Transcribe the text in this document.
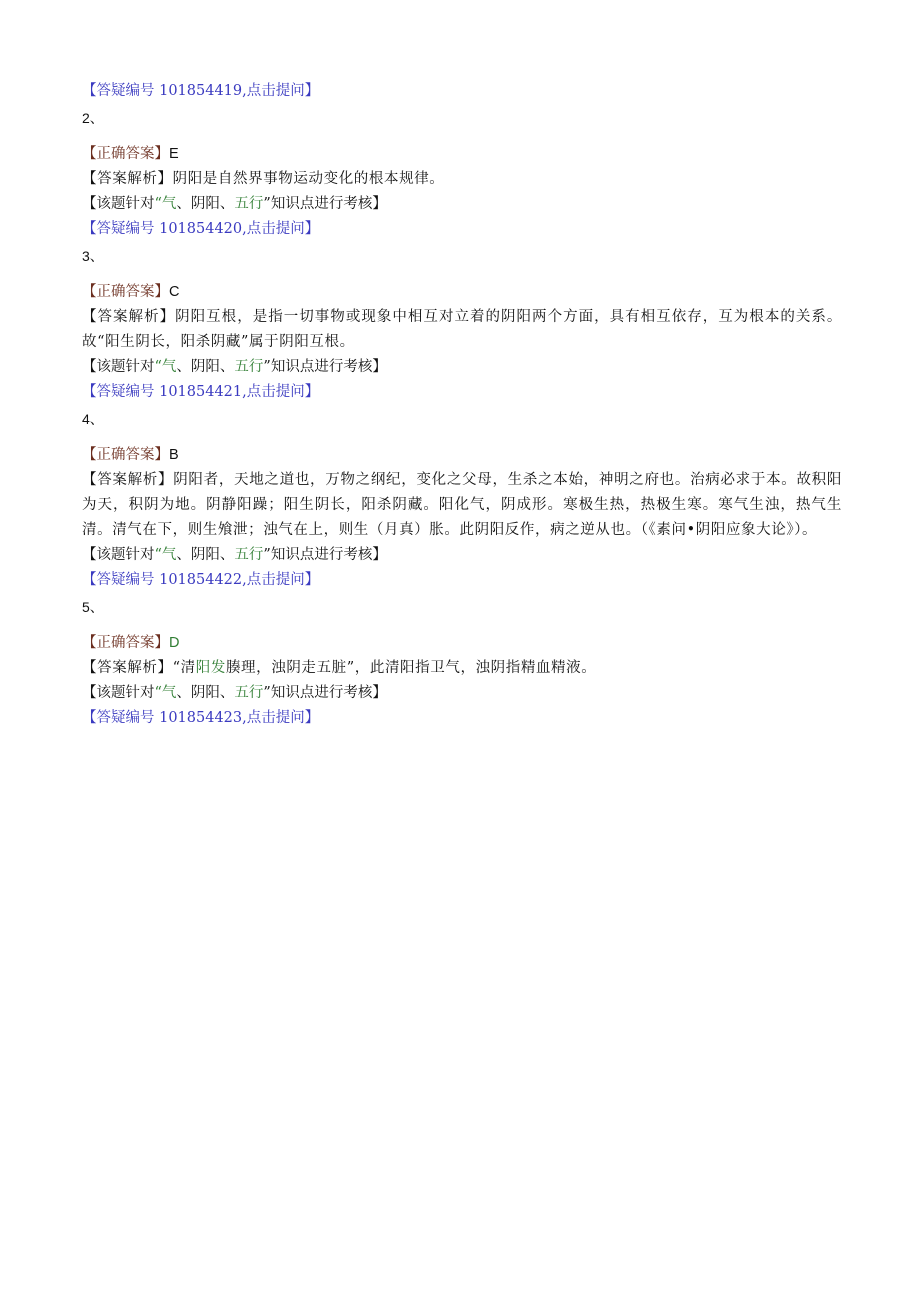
【答疑编号 101854419,点击提问】
2、
【正确答案】E
【答案解析】阴阳是自然界事物运动变化的根本规律。
【该题针对“气、阴阳、五行”知识点进行考核】
【答疑编号 101854420,点击提问】
3、
【正确答案】C
【答案解析】阴阳互根，是指一切事物或现象中相互对立着的阴阳两个方面，具有相互依存，互为根本的关系。故“阳生阴长，阳杀阴藏”属于阴阳互根。
【该题针对“气、阴阳、五行”知识点进行考核】
【答疑编号 101854421,点击提问】
4、
【正确答案】B
【答案解析】阴阳者，天地之道也，万物之纲纪，变化之父母，生杀之本始，神明之府也。治病必求于本。故积阳为天，积阴为地。阴静阳躁；阳生阴长，阳杀阴藏。阳化气，阴成形。寒极生热，热极生寒。寒气生浊，热气生清。清气在下，则生飧泄；浊气在上，则生（月真）胀。此阴阳反作，病之逆从也。（《素问•阴阳应象大论》）。
【该题针对“气、阴阳、五行”知识点进行考核】
【答疑编号 101854422,点击提问】
5、
【正确答案】D
【答案解析】“清阳发腠理，浊阴走五脏”，此清阳指卫气，浊阴指精血精液。
【该题针对“气、阴阳、五行”知识点进行考核】
【答疑编号 101854423,点击提问】
